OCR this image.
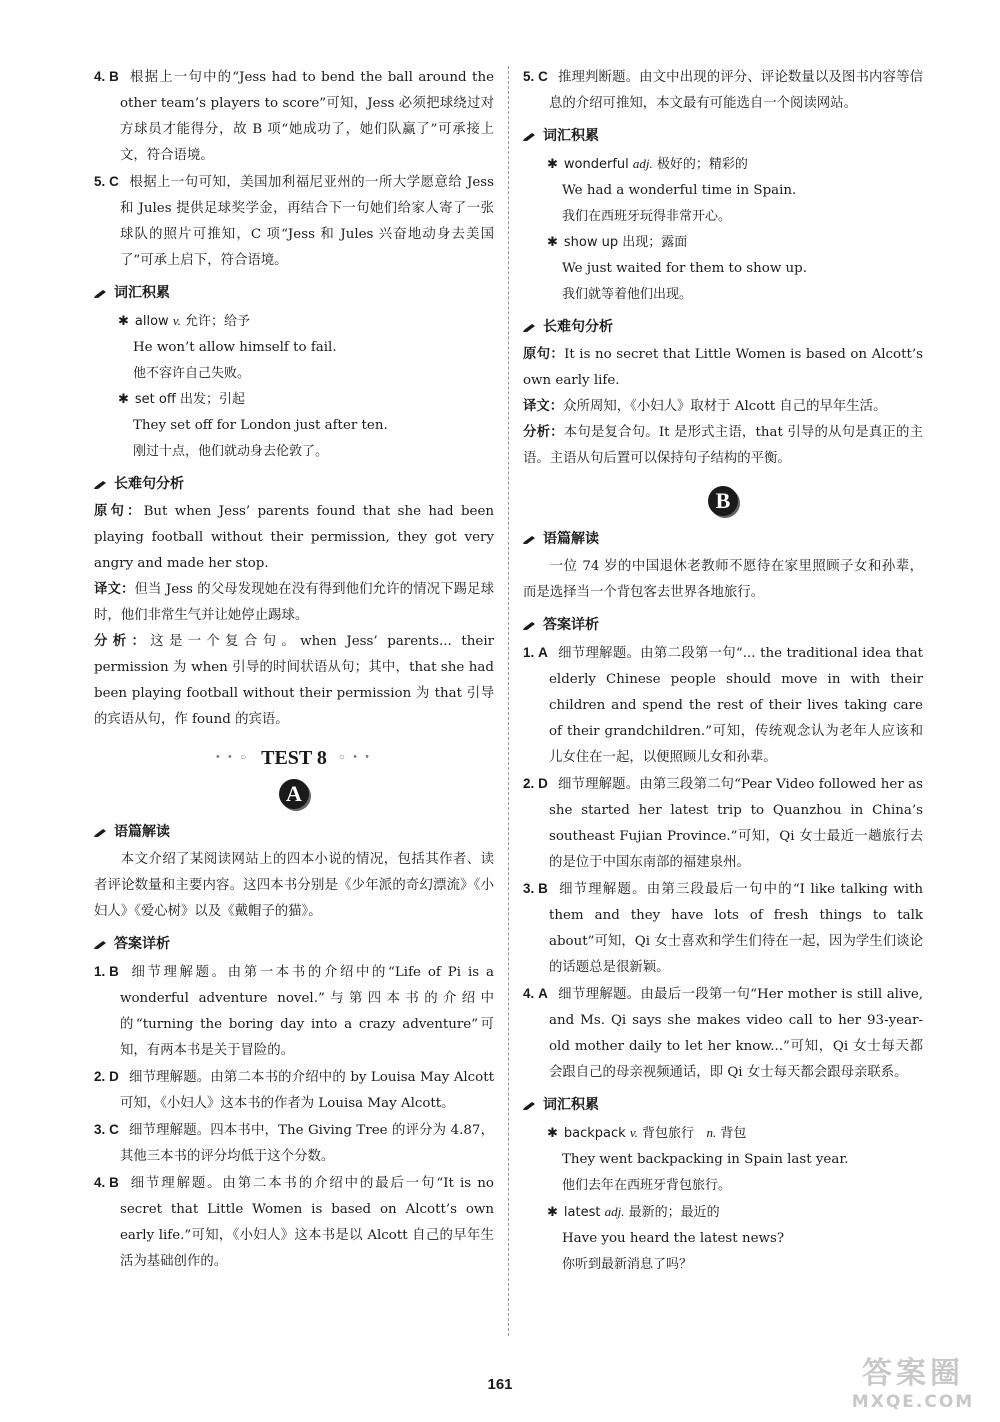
4. B 根据上一句中的“Jess had to bend the ball around the other team’s players to score”可知，Jess 必须把球绕过对方球员才能得分，故 B 项“她成功了，她们队赢了”可承接上文，符合语境。

5. C 根据上一句可知，美国加利福尼亚州的一所大学愿意给 Jess 和 Jules 提供足球奖学金，再结合下一句她们给家人寄了一张球队的照片可推知，C 项“Jess 和 Jules 兴奋地动身去美国了”可承上启下，符合语境。

词汇积累
✱ allow v. 允许；给予
He won’t allow himself to fail.
他不容许自己失败。
✱ set off 出发；引起
They set off for London just after ten.
刚过十点，他们就动身去伦敦了。
长难句分析

原句：But when Jess’ parents found that she had been playing football without their permission, they got very angry and made her stop.

译文：但当 Jess 的父母发现她在没有得到他们允许的情况下踢足球时，他们非常生气并让她停止踢球。

分析：这是一个复合句。when Jess’ parents... their permission 为 when 引导的时间状语从句；其中，that she had been playing football without their permission 为 that 引导的宾语从句，作 found 的宾语。

• • ○ TEST 8 ○ • •
A
语篇解读

本文介绍了某阅读网站上的四本小说的情况，包括其作者、读者评论数量和主要内容。这四本书分别是《少年派的奇幻漂流》《小妇人》《爱心树》以及《戴帽子的猫》。

答案详析

1. B 细节理解题。由第一本书的介绍中的“Life of Pi is a wonderful adventure novel.”与第四本书的介绍中的“turning the boring day into a crazy adventure”可知，有两本书是关于冒险的。

2. D 细节理解题。由第二本书的介绍中的 by Louisa May Alcott 可知，《小妇人》这本书的作者为 Louisa May Alcott。

3. C 细节理解题。四本书中，The Giving Tree 的评分为 4.87，其他三本书的评分均低于这个分数。

4. B 细节理解题。由第二本书的介绍中的最后一句“It is no secret that Little Women is based on Alcott’s own early life.”可知，《小妇人》这本书是以 Alcott 自己的早年生活为基础创作的。

5. C 推理判断题。由文中出现的评分、评论数量以及图书内容等信息的介绍可推知，本文最有可能选自一个阅读网站。

词汇积累
✱ wonderful adj. 极好的；精彩的
We had a wonderful time in Spain.
我们在西班牙玩得非常开心。
✱ show up 出现；露面
We just waited for them to show up.
我们就等着他们出现。
长难句分析

原句：It is no secret that Little Women is based on Alcott’s own early life.

译文：众所周知，《小妇人》取材于 Alcott 自己的早年生活。

分析：本句是复合句。It 是形式主语，that 引导的从句是真正的主语。主语从句后置可以保持句子结构的平衡。

B
语篇解读

一位 74 岁的中国退休老教师不愿待在家里照顾子女和孙辈，而是选择当一个背包客去世界各地旅行。

答案详析

1. A 细节理解题。由第二段第一句“... the traditional idea that elderly Chinese people should move in with their children and spend the rest of their lives taking care of their grandchildren.”可知，传统观念认为老年人应该和儿女住在一起，以便照顾儿女和孙辈。

2. D 细节理解题。由第三段第二句“Pear Video followed her as she started her latest trip to Quanzhou in China’s southeast Fujian Province.”可知，Qi 女士最近一趟旅行去的是位于中国东南部的福建泉州。

3. B 细节理解题。由第三段最后一句中的“I like talking with them and they have lots of fresh things to talk about”可知，Qi 女士喜欢和学生们待在一起，因为学生们谈论的话题总是很新颖。

4. A 细节理解题。由最后一段第一句“Her mother is still alive, and Ms. Qi says she makes video call to her 93-year-old mother daily to let her know...”可知，Qi 女士每天都会跟自己的母亲视频通话，即 Qi 女士每天都会跟母亲联系。

词汇积累
✱ backpack v. 背包旅行 n. 背包
They went backpacking in Spain last year.
他们去年在西班牙背包旅行。
✱ latest adj. 最新的；最近的
Have you heard the latest news?
你听到最新消息了吗？
161	答案圈
MXQE.COM
